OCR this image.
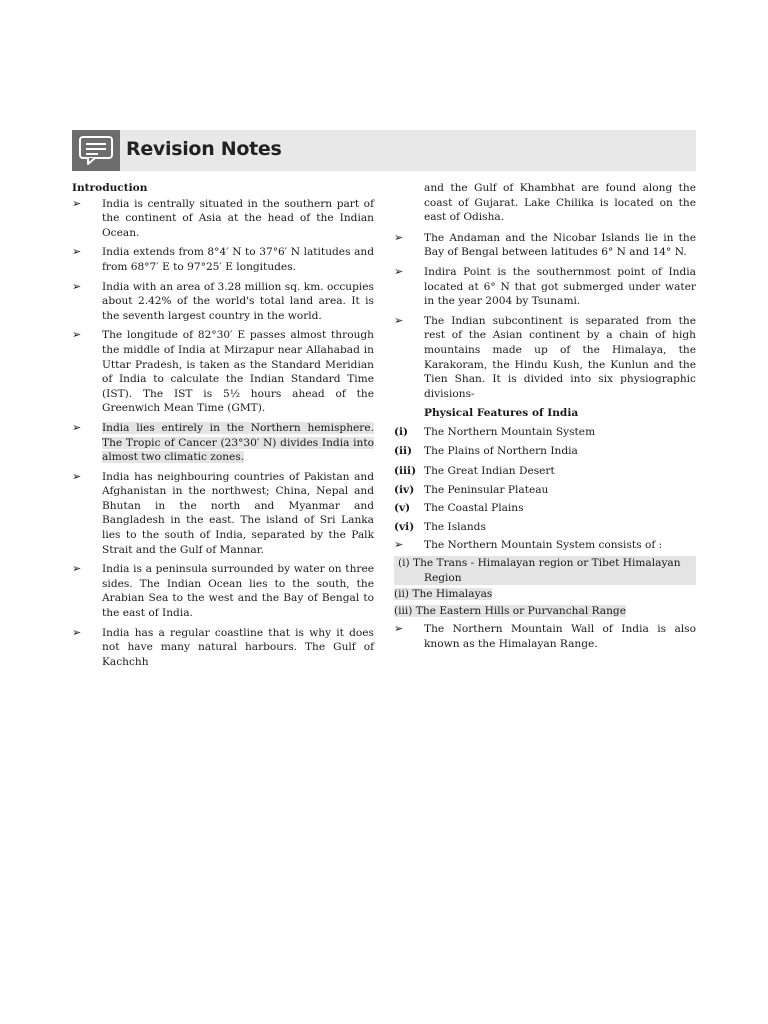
Revision Notes
Introduction
➢ India is centrally situated in the southern part of the continent of Asia at the head of the Indian Ocean.
➢ India extends from 8°4′ N to 37°6′ N latitudes and from 68°7′ E to 97°25′ E longitudes.
➢ India with an area of 3.28 million sq. km. occupies about 2.42% of the world's total land area. It is the seventh largest country in the world.
➢ The longitude of 82°30′ E passes almost through the middle of India at Mirzapur near Allahabad in Uttar Pradesh, is taken as the Standard Meridian of India to calculate the Indian Standard Time (IST). The IST is 5½ hours ahead of the Greenwich Mean Time (GMT).
➢ India lies entirely in the Northern hemisphere. The Tropic of Cancer (23°30′ N) divides India into almost two climatic zones.
➢ India has neighbouring countries of Pakistan and Afghanistan in the northwest; China, Nepal and Bhutan in the north and Myanmar and Bangladesh in the east. The island of Sri Lanka lies to the south of India, separated by the Palk Strait and the Gulf of Mannar.
➢ India is a peninsula surrounded by water on three sides. The Indian Ocean lies to the south, the Arabian Sea to the west and the Bay of Bengal to the east of India.
➢ India has a regular coastline that is why it does not have many natural harbours. The Gulf of Kachchh
and the Gulf of Khambhat are found along the coast of Gujarat. Lake Chilika is located on the east of Odisha.
➢ The Andaman and the Nicobar Islands lie in the Bay of Bengal between latitudes 6° N and 14° N.
➢ Indira Point is the southernmost point of India located at 6° N that got submerged under water in the year 2004 by Tsunami.
➢ The Indian subcontinent is separated from the rest of the Asian continent by a chain of high mountains made up of the Himalaya, the Karakoram, the Hindu Kush, the Kunlun and the Tien Shan. It is divided into six physiographic divisions-
Physical Features of India
(i) The Northern Mountain System
(ii) The Plains of Northern India
(iii) The Great Indian Desert
(iv) The Peninsular Plateau
(v) The Coastal Plains
(vi) The Islands
➢ The Northern Mountain System consists of :
(i) The Trans - Himalayan region or Tibet Himalayan
Region
(ii) The Himalayas
(iii) The Eastern Hills or Purvanchal Range
➢ The Northern Mountain Wall of India is also known as the Himalayan Range.
